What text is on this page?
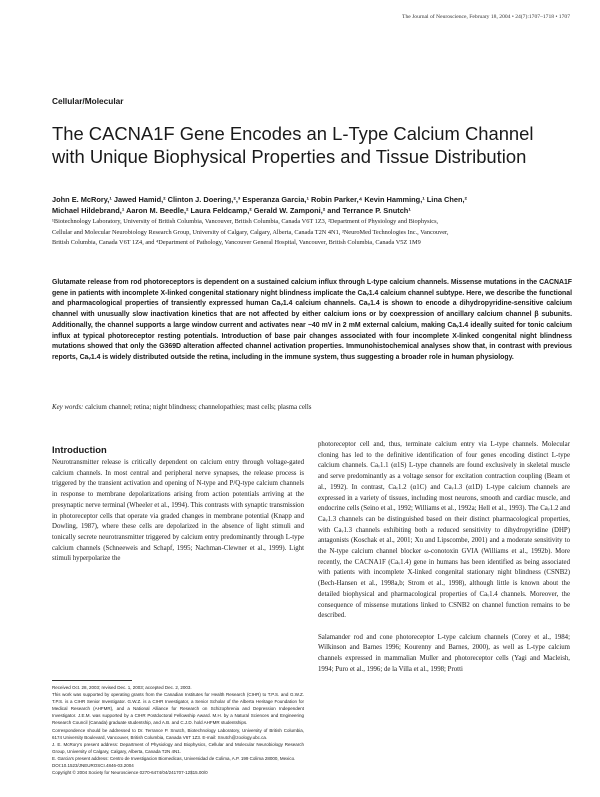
The Journal of Neuroscience, February 18, 2004 • 24(7):1707–1718 • 1707
Cellular/Molecular
The CACNA1F Gene Encodes an L-Type Calcium Channel
with Unique Biophysical Properties and Tissue Distribution
John E. McRory,¹ Jawed Hamid,² Clinton J. Doering,²,³ Esperanza Garcia,¹ Robin Parker,⁴ Kevin Hamming,¹ Lina Chen,²
Michael Hildebrand,¹ Aaron M. Beedle,² Laura Feldcamp,² Gerald W. Zamponi,² and Terrance P. Snutch¹
¹Biotechnology Laboratory, University of British Columbia, Vancouver, British Columbia, Canada V6T 1Z3, ²Department of Physiology and Biophysics,
Cellular and Molecular Neurobiology Research Group, University of Calgary, Calgary, Alberta, Canada T2N 4N1, ³NeuroMed Technologies Inc., Vancouver,
British Columbia, Canada V6T 1Z4, and ⁴Department of Pathology, Vancouver General Hospital, Vancouver, British Columbia, Canada V5Z 1M9

Glutamate release from rod photoreceptors is dependent on a sustained calcium influx through L-type calcium channels. Missense mutations in the CACNA1F gene in patients with incomplete X-linked congenital stationary night blindness implicate the Caᵥ1.4 calcium channel subtype. Here, we describe the functional and pharmacological properties of transiently expressed human Caᵥ1.4 calcium channels. Caᵥ1.4 is shown to encode a dihydropyridine-sensitive calcium channel with unusually slow inactivation kinetics that are not affected by either calcium ions or by coexpression of ancillary calcium channel β subunits. Additionally, the channel supports a large window current and activates near −40 mV in 2 mM external calcium, making Caᵥ1.4 ideally suited for tonic calcium influx at typical photoreceptor resting potentials. Introduction of base pair changes associated with four incomplete X-linked congenital night blindness mutations showed that only the G369D alteration affected channel activation properties. Immunohistochemical analyses show that, in contrast with previous reports, Caᵥ1.4 is widely distributed outside the retina, including in the immune system, thus suggesting a broader role in human physiology.

Key words: calcium channel; retina; night blindness; channelopathies; mast cells; plasma cells
Introduction

Neurotransmitter release is critically dependent on calcium entry through voltage-gated calcium channels. In most central and peripheral nerve synapses, the release process is triggered by the transient activation and opening of N-type and P/Q-type calcium channels in response to membrane depolarizations arising from action potentials arriving at the presynaptic nerve terminal (Wheeler et al., 1994). This contrasts with synaptic transmission in photoreceptor cells that operate via graded changes in membrane potential (Knapp and Dowling, 1987), where these cells are depolarized in the absence of light stimuli and tonically secrete neurotransmitter triggered by calcium entry predominantly through L-type calcium channels (Schneeweis and Schapf, 1995; Nachman-Clewner et al., 1999). Light stimuli hyperpolarize the

Received Oct. 28, 2003; revised Dec. 1, 2003; accepted Dec. 2, 2003.

This work was supported by operating grants from the Canadian Institutes for Health Research (CIHR) to T.P.S. and G.W.Z. T.P.S. is a CIHR Senior Investigator. G.W.Z. is a CIHR Investigator, a Senior Scholar of the Alberta Heritage Foundation for Medical Research (AHFMR), and a National Alliance for Research on Schizophrenia and Depression Independent Investigator. J.E.M. was supported by a CIHR Postdoctoral Fellowship Award. M.H. by a Natural Sciences and Engineering Research Council (Canada) graduate studentship, and A.B. and C.J.D. hold AHFMR studentships.

Correspondence should be addressed to Dr. Terrance P. Snutch, Biotechnology Laboratory, University of British Columbia, 6174 University Boulevard, Vancouver, British Columbia, Canada V6T 1Z3. E-mail: Snutch@zoology.ubc.ca.

J. E. McRory's present address: Department of Physiology and Biophysics, Cellular and Molecular Neurobiology Research Group, University of Calgary, Calgary, Alberta, Canada T2N 4N1.

E. Garcia's present address: Centro de Investigacion Biomedicas, Universidad de Colima, A.P. 199 Colima 28000, Mexico.

DOI:10.1523/JNEUROSCI.4846-03.2004

Copyright © 2004 Society for Neuroscience 0270-6474/04/241707-12$15.00/0

photoreceptor cell and, thus, terminate calcium entry via L-type channels. Molecular cloning has led to the definitive identification of four genes encoding distinct L-type calcium channels. Caᵥ1.1 (α1S) L-type channels are found exclusively in skeletal muscle and serve predominantly as a voltage sensor for excitation contraction coupling (Beam et al., 1992). In contrast, Caᵥ1.2 (α1C) and Caᵥ1.3 (α1D) L-type calcium channels are expressed in a variety of tissues, including most neurons, smooth and cardiac muscle, and endocrine cells (Seino et al., 1992; Williams et al., 1992a; Hell et al., 1993). The Caᵥ1.2 and Caᵥ1.3 channels can be distinguished based on their distinct pharmacological properties, with Caᵥ1.3 channels exhibiting both a reduced sensitivity to dihydropyridine (DHP) antagonists (Koschak et al., 2001; Xu and Lipscombe, 2001) and a moderate sensitivity to the N-type calcium channel blocker ω-conotoxin GVIA (Williams et al., 1992b). More recently, the CACNA1F (Caᵥ1.4) gene in humans has been identified as being associated with patients with incomplete X-linked congenital stationary night blindness (CSNB2) (Bech-Hansen et al., 1998a,b; Strom et al., 1998), although little is known about the detailed biophysical and pharmacological properties of Caᵥ1.4 channels. Moreover, the consequence of missense mutations linked to CSNB2 on channel function remains to be described.

Salamander rod and cone photoreceptor L-type calcium channels (Corey et al., 1984; Wilkinson and Barnes 1996; Kourenny and Barnes, 2000), as well as L-type calcium channels expressed in mammalian Muller and photoreceptor cells (Yagi and Macleish, 1994; Puro et al., 1996; de la Villa et al., 1998; Protti
